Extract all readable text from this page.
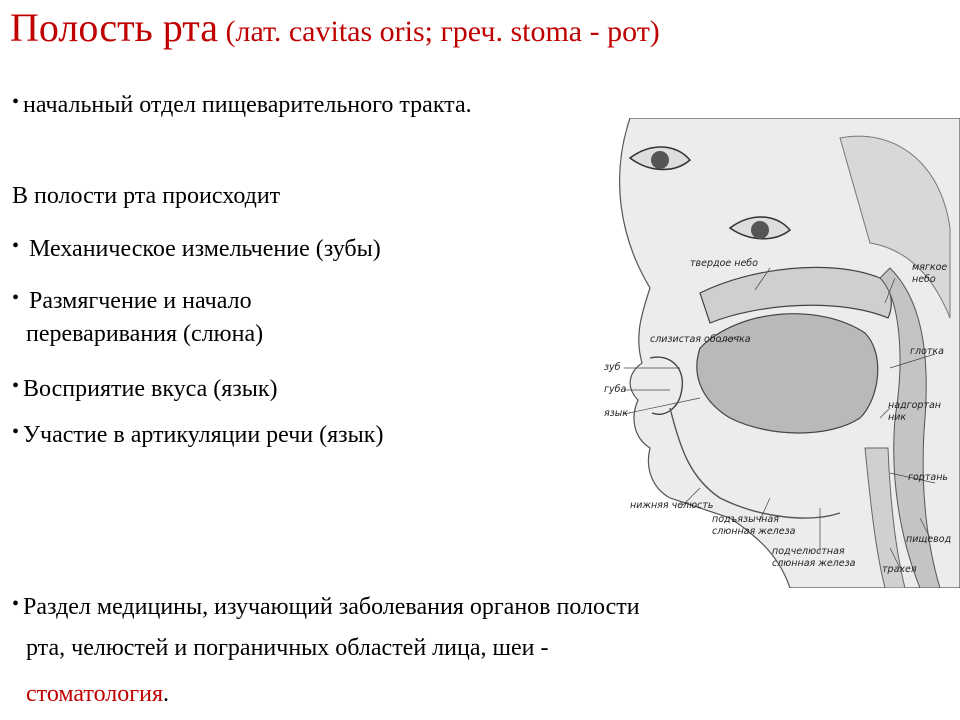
Полость рта (лат. cavitas oris; греч. stoma - рот)
• начальный отдел пищеварительного тракта.
В полости рта происходит
• Механическое измельчение (зубы)
• Размягчение и начало
переваривания (слюна)
• Восприятие вкуса (язык)
• Участие в артикуляции речи (язык)
• Раздел медицины, изучающий заболевания органов полости
рта, челюстей и пограничных областей лица, шеи -
стоматология.
твердое небо	мягкое
небо
слизистая оболочка
глотка
зуб
губа
язык
надгортан
ник
гортань
нижняя челюсть
подъязычная
слюнная железа
подчелюстная
слюнная железа
пищевод
трахея
